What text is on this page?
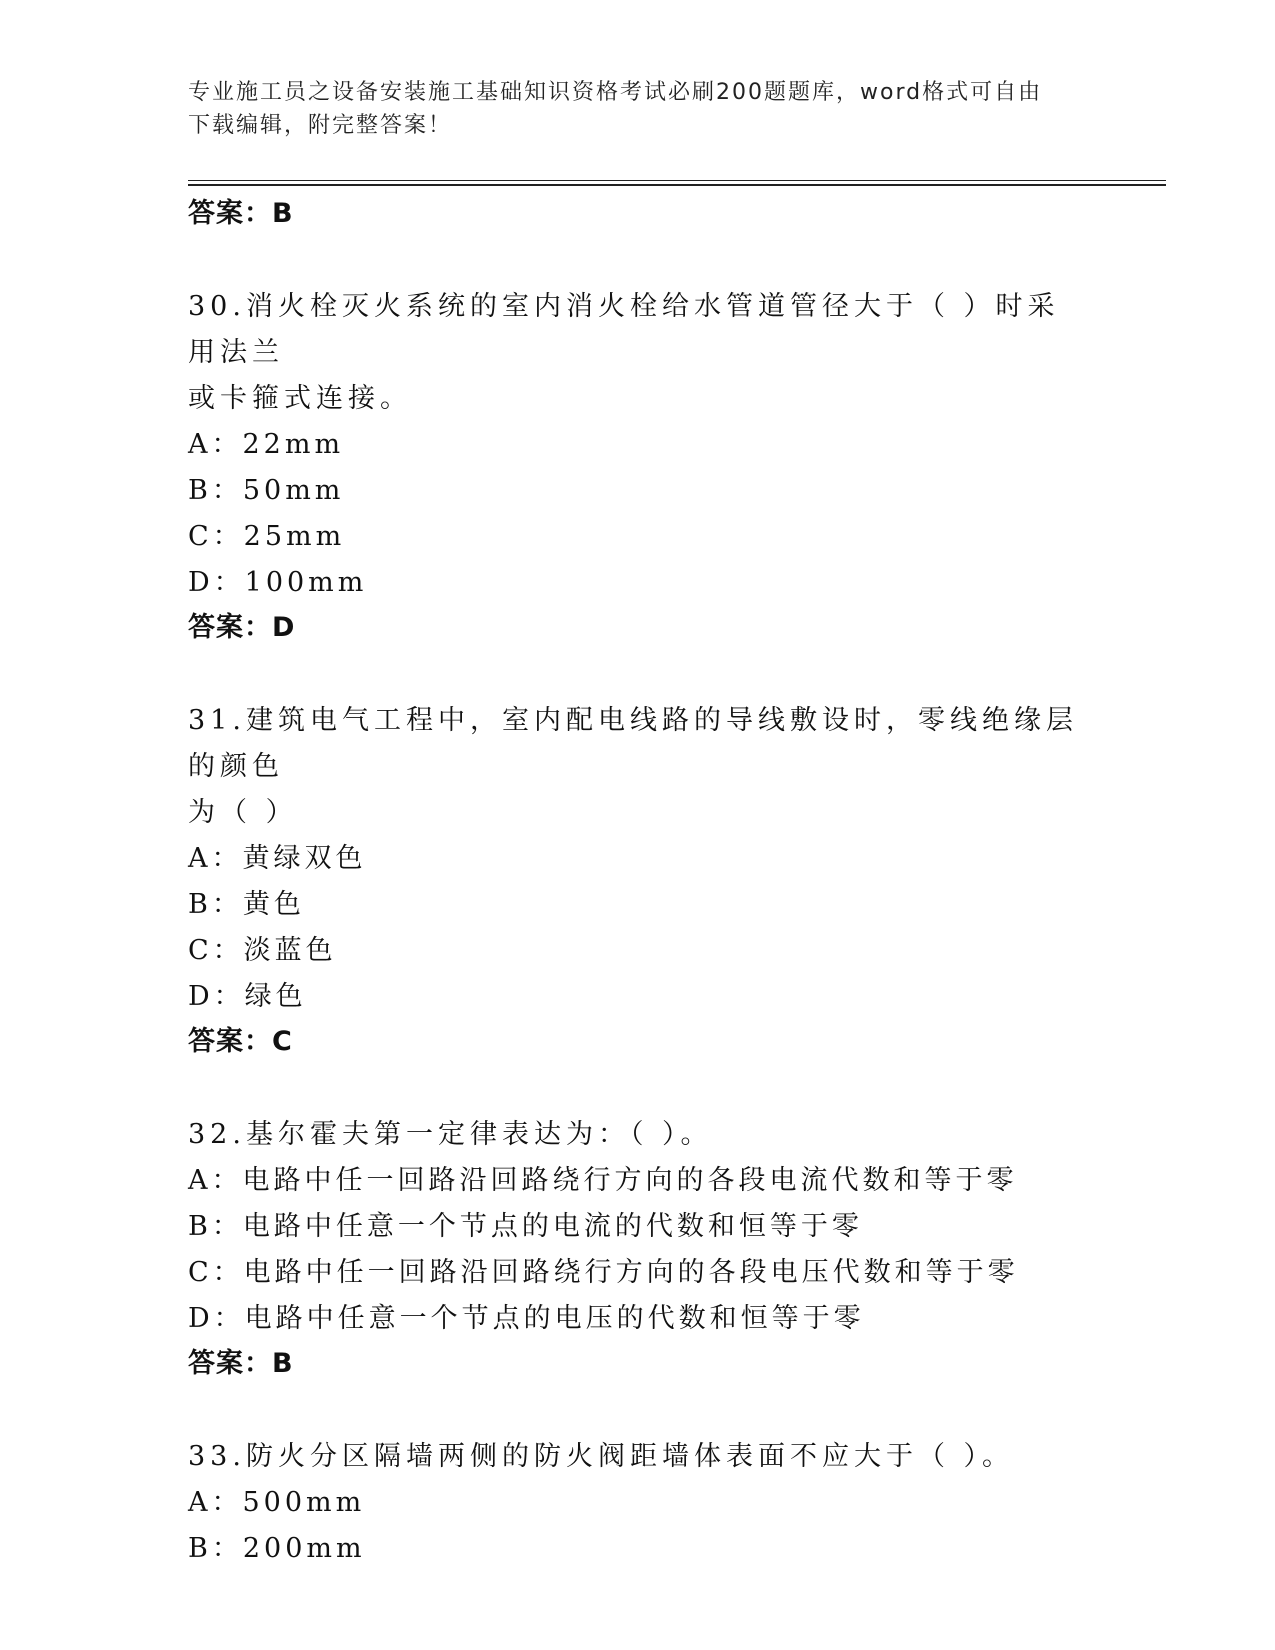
专业施工员之设备安装施工基础知识资格考试必刷200题题库，word格式可自由
下载编辑，附完整答案！
答案：B
30.消火栓灭火系统的室内消火栓给水管道管径大于（ ）时采用法兰
或卡箍式连接。
A：22mm
B：50mm
C：25mm
D：100mm
答案：D
31.建筑电气工程中，室内配电线路的导线敷设时，零线绝缘层的颜色
为（ ）
A：黄绿双色
B：黄色
C：淡蓝色
D：绿色
答案：C
32.基尔霍夫第一定律表达为：（ ）。
A：电路中任一回路沿回路绕行方向的各段电流代数和等于零
B：电路中任意一个节点的电流的代数和恒等于零
C：电路中任一回路沿回路绕行方向的各段电压代数和等于零
D：电路中任意一个节点的电压的代数和恒等于零
答案：B
33.防火分区隔墙两侧的防火阀距墙体表面不应大于（ ）。
A：500mm
B：200mm
